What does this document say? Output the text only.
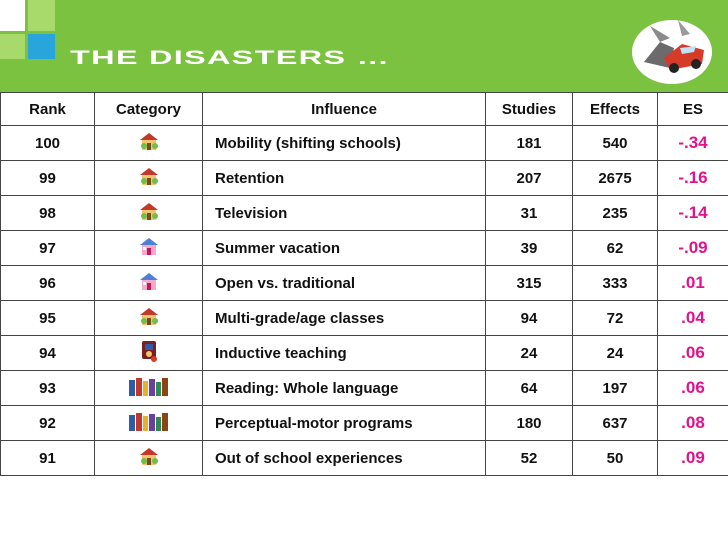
THE DISASTERS …
Rank	Category	Influence	Studies	Effects	ES
100		Mobility (shifting schools)	181	540	-.34
99		Retention	207	2675	-.16
98		Television	31	235	-.14
97		Summer vacation	39	62	-.09
96		Open vs. traditional	315	333	.01
95		Multi-grade/age classes	94	72	.04
94		Inductive teaching	24	24	.06
93		Reading: Whole language	64	197	.06
92		Perceptual-motor programs	180	637	.08
91		Out of school experiences	52	50	.09
